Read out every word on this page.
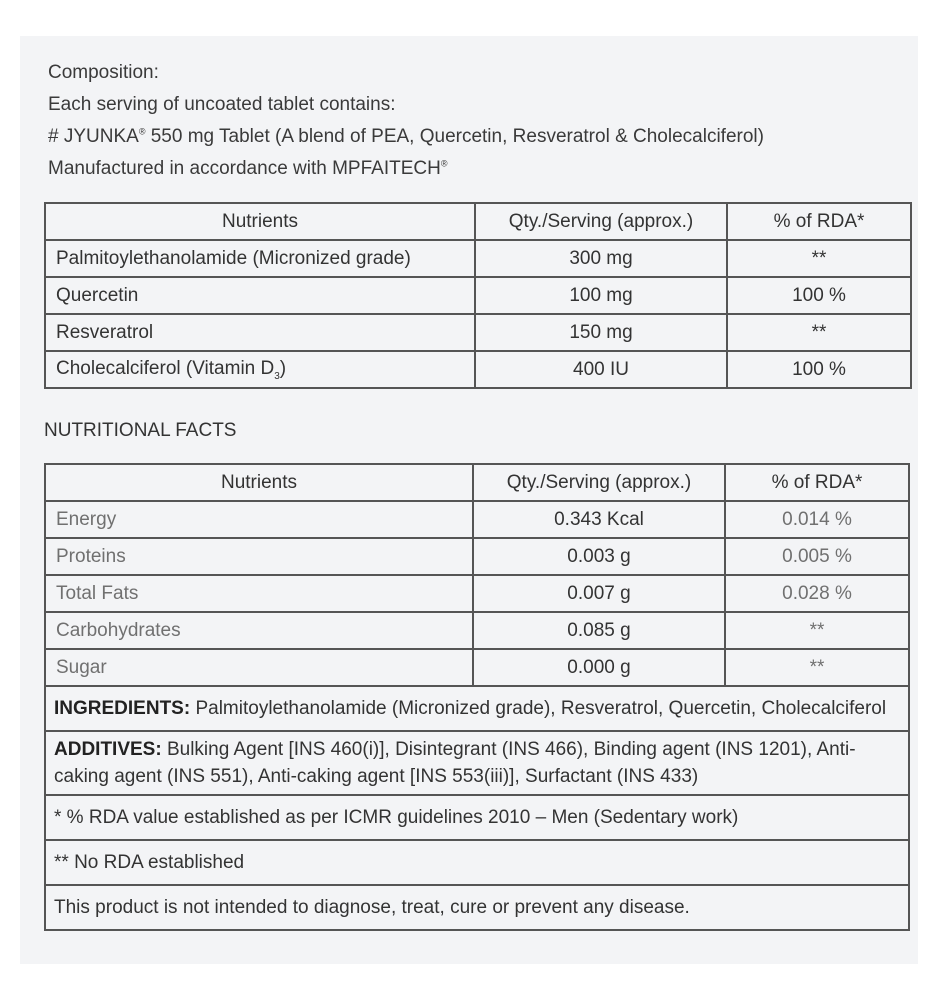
Composition:
Each serving of uncoated tablet contains:
# JYUNKA® 550 mg Tablet (A blend of PEA, Quercetin, Resveratrol & Cholecalciferol)
Manufactured in accordance with MPFAITECH®
Nutrients	Qty./Serving (approx.)	% of RDA*
Palmitoylethanolamide (Micronized grade)	300 mg	**
Quercetin	100 mg	100 %
Resveratrol	150 mg	**
Cholecalciferol (Vitamin $D_3$)	400 IU	100 %
NUTRITIONAL FACTS
Nutrients	Qty./Serving (approx.)	% of RDA*
Energy	0.343 Kcal	0.014 %
Proteins	0.003 g	0.005 %
Total Fats	0.007 g	0.028 %
Carbohydrates	0.085 g	**
Sugar	0.000 g	**
INGREDIENTS: Palmitoylethanolamide (Micronized grade), Resveratrol, Quercetin, Cholecalciferol		
ADDITIVES: Bulking Agent [INS 460(i)], Disintegrant (INS 466), Binding agent (INS 1201), Anti-caking agent (INS 551), Anti-caking agent [INS 553(iii)], Surfactant (INS 433)		
* % RDA value established as per ICMR guidelines 2010 – Men (Sedentary work)		
** No RDA established		
This product is not intended to diagnose, treat, cure or prevent any disease.		
